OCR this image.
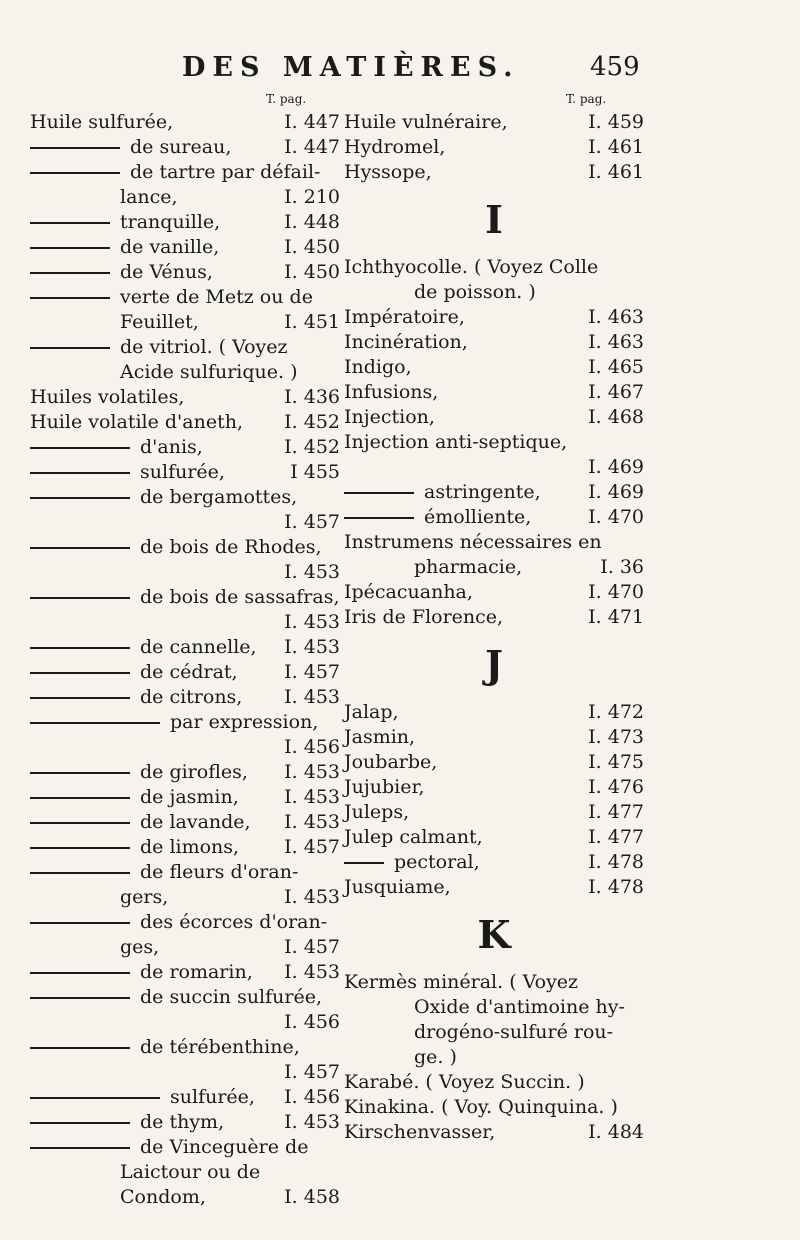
DES MATIÈRES.	459
T. pag.
Huile sulfurée,	I. 447
de sureau,	I. 447
de tartre par défail-
lance,	I. 210
tranquille,	I. 448
de vanille,	I. 450
de Vénus,	I. 450
verte de Metz ou de
Feuillet,	I. 451
de vitriol. ( Voyez
Acide sulfurique. )
Huiles volatiles,	I. 436
Huile volatile d'aneth, I. 452
d'anis,	I. 452
sulfurée,	I 455
de bergamottes,
I. 457
de bois de Rhodes,
I. 453
de bois de sassafras,
I. 453
de cannelle, I. 453
de cédrat, I. 457
de citrons, I. 453
par expression,
I. 456
de girofles, I. 453
de jasmin, I. 453
de lavande, I. 453
de limons, I. 457
de fleurs d'oran-
gers,	I. 453
des écorces d'oran-
ges,	I. 457
de romarin, I. 453
de succin sulfurée,
I. 456
de térébenthine,
I. 457
sulfurée, I. 456
de thym,	I. 453
de Vinceguère de
Laictour ou de
Condom,	I. 458
T. pag.
Huile vulnéraire,	I. 459
Hydromel,	I. 461
Hyssope,	I. 461
I
Ichthyocolle. ( Voyez Colle
de poisson. )
Impératoire,	I. 463
Incinération,	I. 463
Indigo,	I. 465
Infusions,	I. 467
Injection,	I. 468
Injection anti-septique,
I. 469
astringente, I. 469
émolliente,	I. 470
Instrumens nécessaires en
pharmacie,	I. 36
Ipécacuanha,	I. 470
Iris de Florence,	I. 471
J
Jalap,	I. 472
Jasmin,	I. 473
Joubarbe,	I. 475
Jujubier,	I. 476
Juleps,	I. 477
Julep calmant,	I. 477
pectoral,	I. 478
Jusquiame,	I. 478
K
Kermès minéral. ( Voyez
Oxide d'antimoine hy-
drogéno-sulfuré rou-
ge. )
Karabé. ( Voyez Succin. )
Kinakina. ( Voy. Quinquina. )
Kirschenvasser,	I. 484
